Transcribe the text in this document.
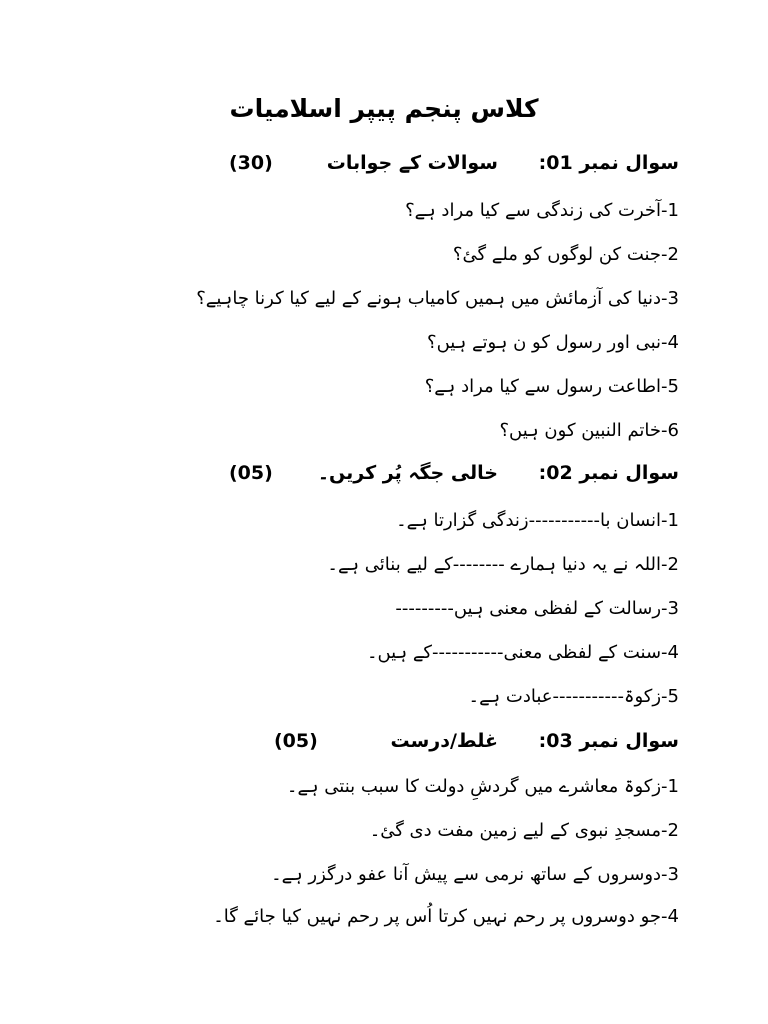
کلاس پنجم پیپر اسلامیات
سوال نمبر 01:
سوالات کے جوابات
(30)
1-آخرت کی زندگی سے کیا مراد ہے؟
2-جنت کن لوگوں کو ملے گئ؟
3-دنیا کی آزمائش میں ہمیں کامیاب ہونے کے لیے کیا کرنا چاہیے؟
4-نبی اور رسول کو ن ہوتے ہیں؟
5-اطاعت رسول سے کیا مراد ہے؟
6-خاتم النبین کون ہیں؟
سوال نمبر 02:
خالی جگہ پُر کریں۔
(05)
1-انسان با-----------زندگی گزارتا ہے۔
2-اللہ نے یہ دنیا ہمارے --------کے لیے بنائی ہے۔
3-رسالت کے لفظی معنی ہیں---------
4-سنت کے لفظی معنی-----------کے ہیں۔
5-زکوۃ-----------عبادت ہے۔
سوال نمبر 03:
غلط/درست
(05)
1-زکوۃ معاشرے میں گردشِ دولت کا سبب بنتی ہے۔
2-مسجدِ نبوی کے لیے زمین مفت دی گئ۔
3-دوسروں کے ساتھ نرمی سے پیش آنا عفو درگزر ہے۔
4-جو دوسروں پر رحم نہیں کرتا اُس پر رحم نہیں کیا جائے گا۔
